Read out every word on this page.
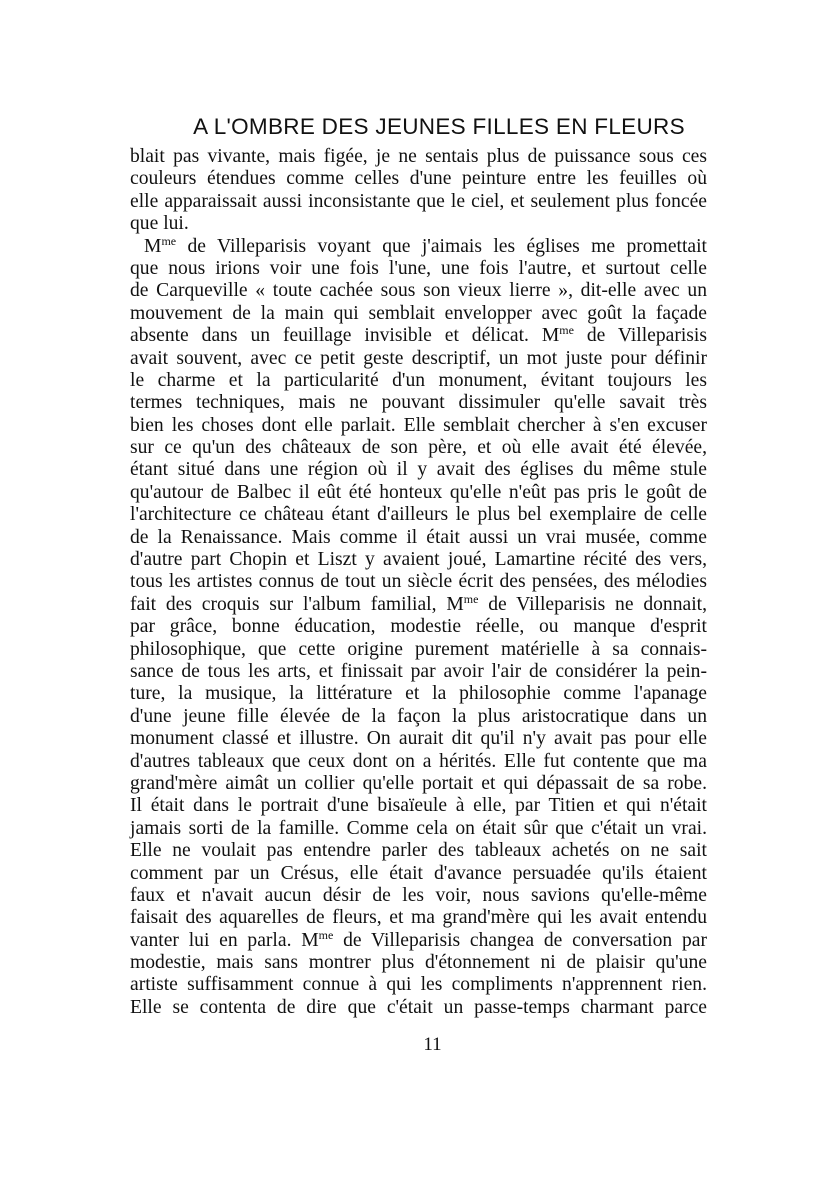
A L'OMBRE DES JEUNES FILLES EN FLEURS
blait pas vivante, mais figée, je ne sentais plus de puissance sous ces
couleurs étendues comme celles d'une peinture entre les feuilles où
elle apparaissait aussi inconsistante que le ciel, et seulement plus foncée
que lui.
$M^{me}$ de Villeparisis voyant que j'aimais les églises me promettait
que nous irions voir une fois l'une, une fois l'autre, et surtout celle
de Carqueville « toute cachée sous son vieux lierre », dit-elle avec un
mouvement de la main qui semblait envelopper avec goût la façade
absente dans un feuillage invisible et délicat. $M^{me}$ de Villeparisis
avait souvent, avec ce petit geste descriptif, un mot juste pour définir
le charme et la particularité d'un monument, évitant toujours les
termes techniques, mais ne pouvant dissimuler qu'elle savait très
bien les choses dont elle parlait. Elle semblait chercher à s'en excuser
sur ce qu'un des châteaux de son père, et où elle avait été élevée,
étant situé dans une région où il y avait des églises du même stule
qu'autour de Balbec il eût été honteux qu'elle n'eût pas pris le goût de
l'architecture ce château étant d'ailleurs le plus bel exemplaire de celle
de la Renaissance. Mais comme il était aussi un vrai musée, comme
d'autre part Chopin et Liszt y avaient joué, Lamartine récité des vers,
tous les artistes connus de tout un siècle écrit des pensées, des mélodies
fait des croquis sur l'album familial, $M^{me}$ de Villeparisis ne donnait,
par grâce, bonne éducation, modestie réelle, ou manque d'esprit
philosophique, que cette origine purement matérielle à sa connais-
sance de tous les arts, et finissait par avoir l'air de considérer la pein-
ture, la musique, la littérature et la philosophie comme l'apanage
d'une jeune fille élevée de la façon la plus aristocratique dans un
monument classé et illustre. On aurait dit qu'il n'y avait pas pour elle
d'autres tableaux que ceux dont on a hérités. Elle fut contente que ma
grand'mère aimât un collier qu'elle portait et qui dépassait de sa robe.
Il était dans le portrait d'une bisaïeule à elle, par Titien et qui n'était
jamais sorti de la famille. Comme cela on était sûr que c'était un vrai.
Elle ne voulait pas entendre parler des tableaux achetés on ne sait
comment par un Crésus, elle était d'avance persuadée qu'ils étaient
faux et n'avait aucun désir de les voir, nous savions qu'elle-même
faisait des aquarelles de fleurs, et ma grand'mère qui les avait entendu
vanter lui en parla. $M^{me}$ de Villeparisis changea de conversation par
modestie, mais sans montrer plus d'étonnement ni de plaisir qu'une
artiste suffisamment connue à qui les compliments n'apprennent rien.
Elle se contenta de dire que c'était un passe-temps charmant parce
11
